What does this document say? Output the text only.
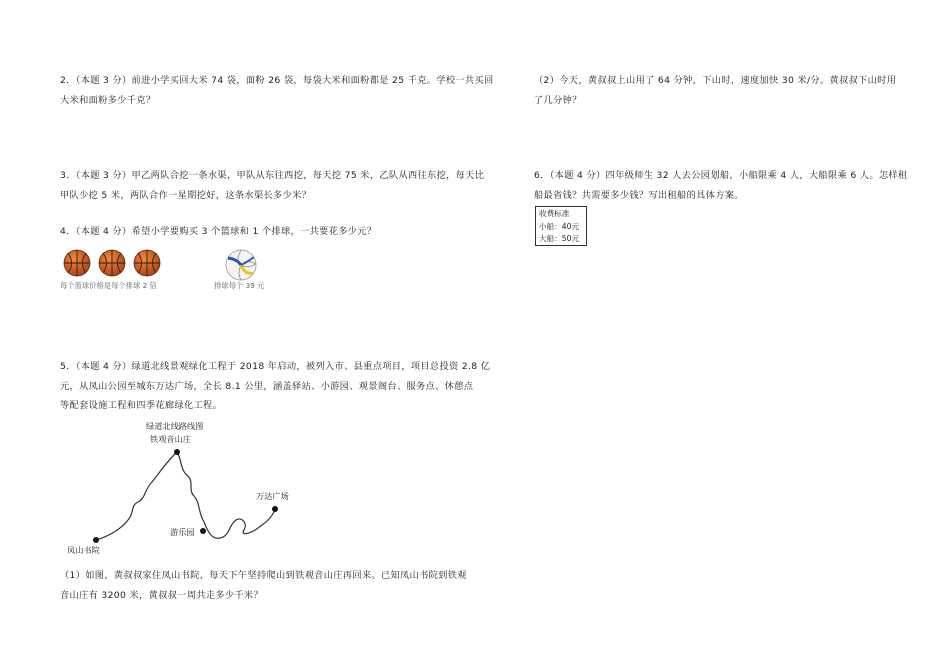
2．（本题 3 分）前进小学买回大米 74 袋，面粉 26 袋，每袋大米和面粉都是 25 千克。学校一共买回
大米和面粉多少千克？
3．（本题 3 分）甲乙两队合挖一条水渠，甲队从东往西挖，每天挖 75 米，乙队从西往东挖，每天比
甲队少挖 5 米，两队合作一星期挖好，这条水渠长多少米？
4．（本题 4 分）希望小学要购买 3 个篮球和 1 个排球，一共要花多少元？
每个篮球价格是每个排球 2 倍	排球每个 39 元
5．（本题 4 分）绿道北线景观绿化工程于 2018 年启动，被列入市、县重点项目，项目总投资 2.8 亿
元，从凤山公园至城东万达广场，全长 8.1 公里，涵盖驿站、小游园、观景阁台、服务点、休憩点
等配套设施工程和四季花廊绿化工程。
绿道北线路线图
铁观音山庄
万达广场
游乐园
凤山书院
（1）如图，黄叔叔家住凤山书院，每天下午坚持爬山到铁观音山庄再回来。已知凤山书院到铁观
音山庄有 3200 米，黄叔叔一周共走多少千米？
（2）今天，黄叔叔上山用了 64 分钟，下山时，速度加快 30 米/分。黄叔叔下山时用
了几分钟？
6．（本题 4 分）四年级师生 32 人去公园划船，小船限乘 4 人，大船限乘 6 人。怎样租
船最省钱？共需要多少钱？写出租船的具体方案。
收费标准
小船：40元
大船：50元
